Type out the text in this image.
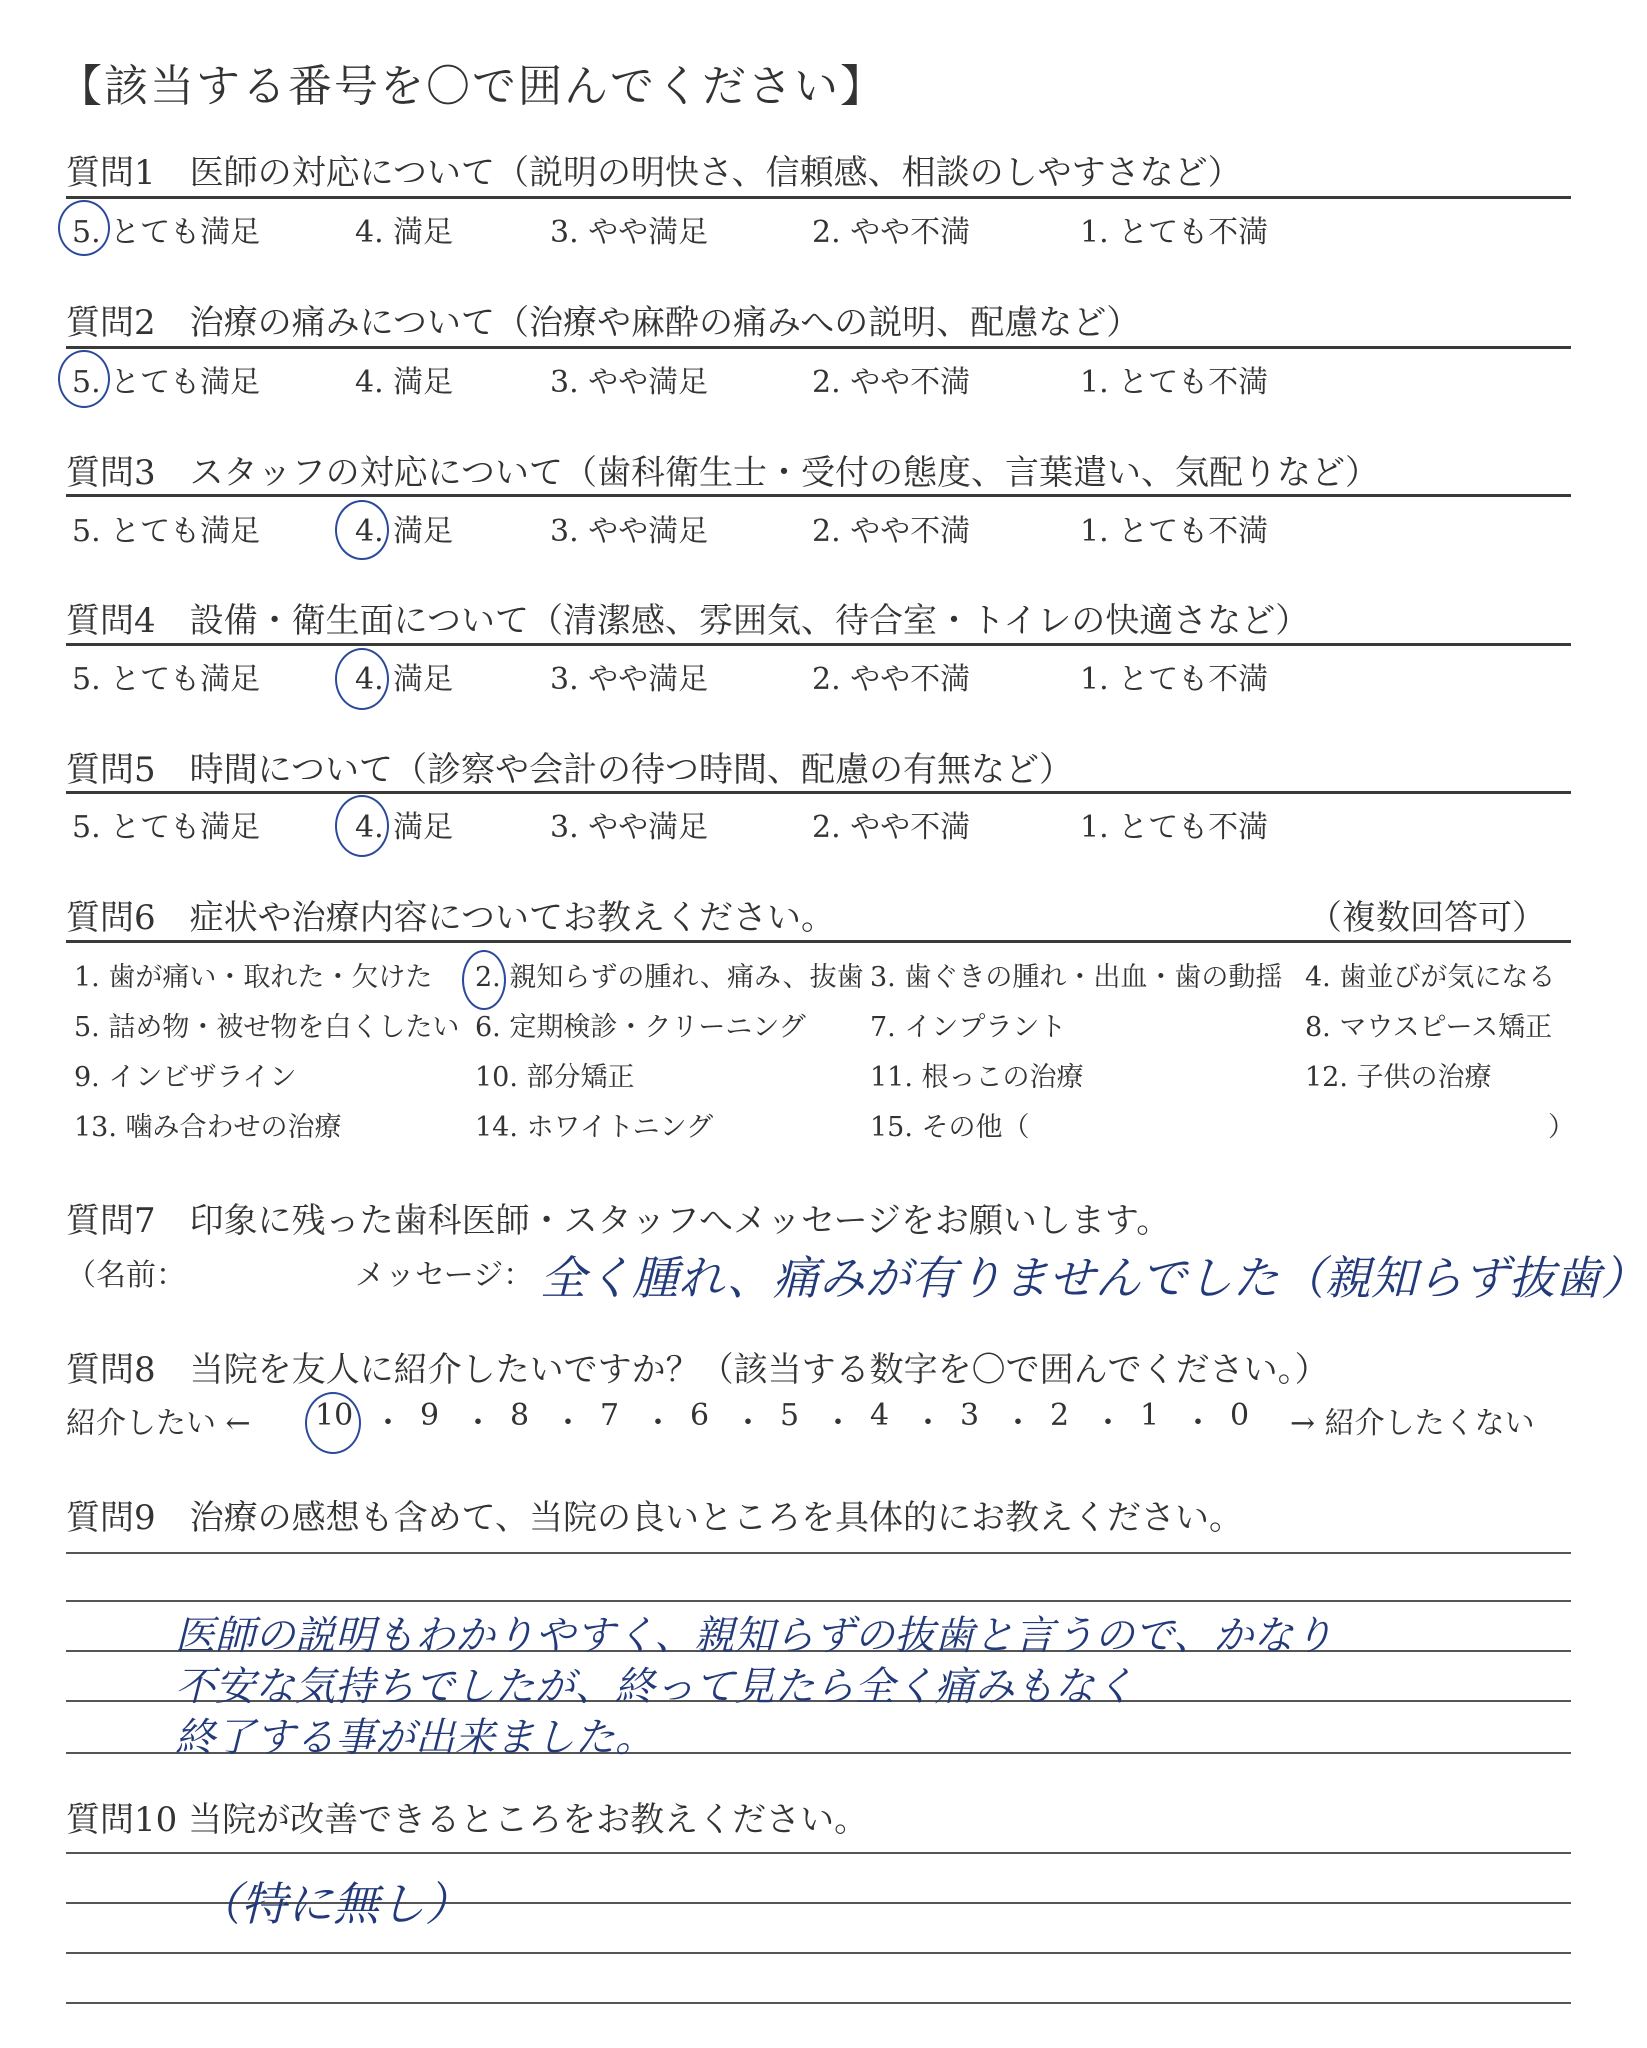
【該当する番号を〇で囲んでください】
質問1　医師の対応について（説明の明快さ、信頼感、相談のしやすさなど）
5. とても満足	4. 満足	3. やや満足	2. やや不満	1. とても不満
質問2　治療の痛みについて（治療や麻酔の痛みへの説明、配慮など）
5. とても満足	4. 満足	3. やや満足	2. やや不満	1. とても不満
質問3　スタッフの対応について（歯科衛生士・受付の態度、言葉遣い、気配りなど）
5. とても満足	4. 満足	3. やや満足	2. やや不満	1. とても不満
質問4　設備・衛生面について（清潔感、雰囲気、待合室・トイレの快適さなど）
5. とても満足	4. 満足	3. やや満足	2. やや不満	1. とても不満
質問5　時間について（診察や会計の待つ時間、配慮の有無など）
5. とても満足	4. 満足	3. やや満足	2. やや不満	1. とても不満
質問6　症状や治療内容についてお教えください。	（複数回答可）
1. 歯が痛い・取れた・欠けた 2. 親知らずの腫れ、痛み、抜歯 3. 歯ぐきの腫れ・出血・歯の動揺 4. 歯並びが気になる
5. 詰め物・被せ物を白くしたい 6. 定期検診・クリーニング 7. インプラント	8. マウスピース矯正
9. インビザライン	10. 部分矯正	11. 根っこの治療	12. 子供の治療
13. 噛み合わせの治療	14. ホワイトニング	15. その他（	）
質問7　印象に残った歯科医師・スタッフへメッセージをお願いします。
（名前：	メッセージ： 全く腫れ、痛みが有りませんでした（親知らず抜歯）
質問8　当院を友人に紹介したいですか？（該当する数字を〇で囲んでください。）
紹介したい ← 10 ・ 9 ・ 8 ・ 7 ・ 6 ・ 5 ・ 4 ・ 3 ・ 2 ・ 1 ・ 0 → 紹介したくない
質問9　治療の感想も含めて、当院の良いところを具体的にお教えください。
医師の説明もわかりやすく、親知らずの抜歯と言うので、かなり
不安な気持ちでしたが、終って見たら全く痛みもなく
終了する事が出来ました。
質問10 当院が改善できるところをお教えください。
（特に無し）
